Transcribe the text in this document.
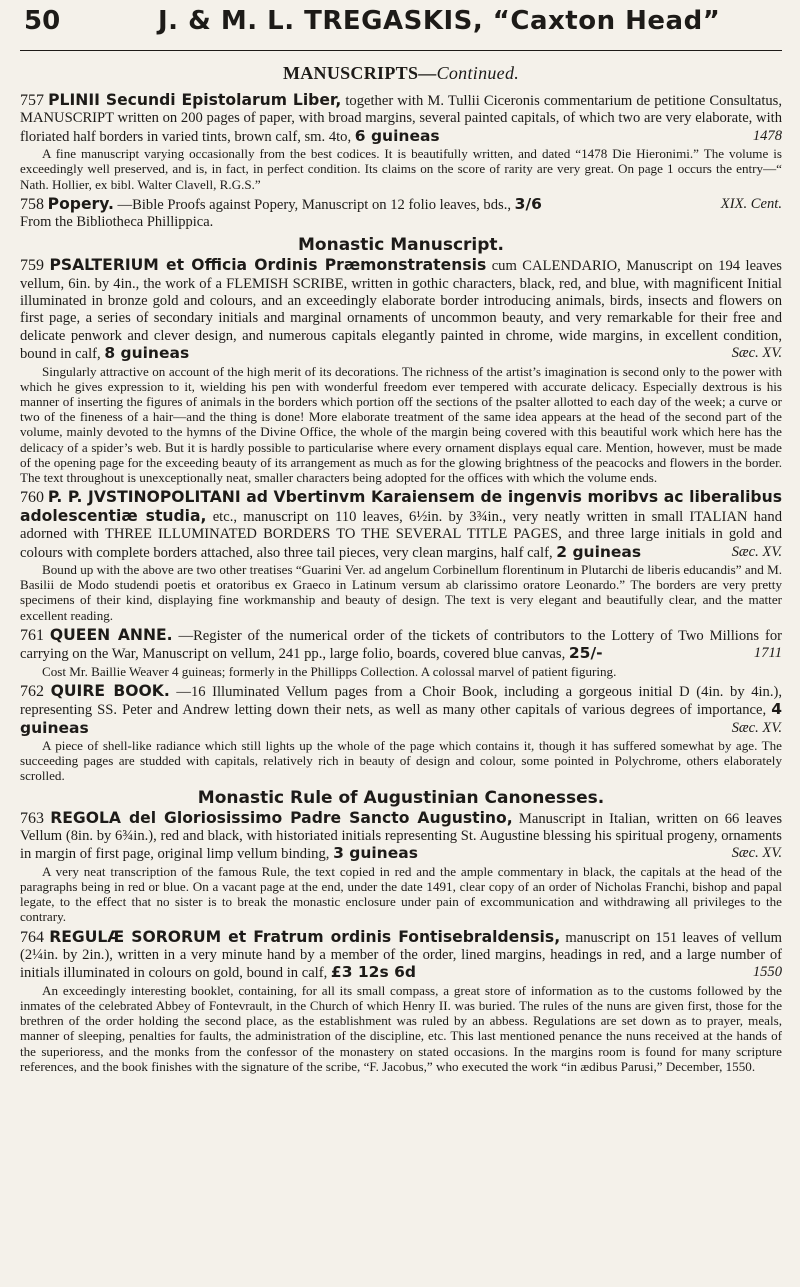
50	J. & M. L. TREGASKIS, “Caxton Head”
MANUSCRIPTS—Continued.

757 PLINII Secundi Epistolarum Liber, together with M. Tullii Ciceronis commentarium de petitione Consultatus, MANUSCRIPT written on 200 pages of paper, with broad margins, several painted capitals, of which two are very elaborate, with floriated half borders in varied tints, brown calf, sm. 4to, 6 guineas	1478

A fine manuscript varying occasionally from the best codices. It is beautifully written, and dated “1478 Die Hieronimi.” The volume is exceedingly well preserved, and is, in fact, in perfect condition. Its claims on the score of rarity are very great. On page 1 occurs the entry—“ Nath. Hollier, ex bibl. Walter Clavell, R.G.S.”

758 Popery. —Bible Proofs against Popery, Manuscript on 12 folio leaves, bds., 3/6	XIX. Cent.

From the Bibliotheca Phillippica.

Monastic Manuscript.

759 PSALTERIUM et Officia Ordinis Præmonstratensis cum CALENDARIO, Manuscript on 194 leaves vellum, 6in. by 4in., the work of a FLEMISH SCRIBE, written in gothic characters, black, red, and blue, with magnificent Initial illuminated in bronze gold and colours, and an exceedingly elaborate border introducing animals, birds, insects and flowers on first page, a series of secondary initials and marginal ornaments of uncommon beauty, and very remarkable for their free and delicate penwork and clever design, and numerous capitals elegantly painted in chrome, wide margins, in excellent condition, bound in calf, 8 guineas	Sæc. XV.

Singularly attractive on account of the high merit of its decorations. The richness of the artist’s imagination is second only to the power with which he gives expression to it, wielding his pen with wonderful freedom ever tempered with accurate delicacy. Especially dextrous is his manner of inserting the figures of animals in the borders which portion off the sections of the psalter allotted to each day of the week; a curve or two of the fineness of a hair—and the thing is done! More elaborate treatment of the same idea appears at the head of the second part of the volume, mainly devoted to the hymns of the Divine Office, the whole of the margin being covered with this beautiful work which here has the delicacy of a spider’s web. But it is hardly possible to particularise where every ornament displays equal care. Mention, however, must be made of the opening page for the exceeding beauty of its arrangement as much as for the glowing brightness of the peacocks and flowers in the border. The text throughout is unexceptionally neat, smaller characters being adopted for the offices with which the volume ends.

760 P. P. JVSTINOPOLITANI ad Vbertinvm Karaiensem de ingenvis moribvs ac liberalibus adolescentiæ studia, etc., manuscript on 110 leaves, 6½in. by 3¾in., very neatly written in small ITALIAN hand adorned with THREE ILLUMINATED BORDERS TO THE SEVERAL TITLE PAGES, and three large initials in gold and colours with complete borders attached, also three tail pieces, very clean margins, half calf, 2 guineas	Sæc. XV.

Bound up with the above are two other treatises “Guarini Ver. ad angelum Corbinellum florentinum in Plutarchi de liberis educandis” and M. Basilii de Modo studendi poetis et oratoribus ex Graeco in Latinum versum ab clarissimo oratore Leonardo.” The borders are very pretty specimens of their kind, displaying fine workmanship and beauty of design. The text is very elegant and beautifully clear, and the matter excellent reading.

761 QUEEN ANNE. —Register of the numerical order of the tickets of contributors to the Lottery of Two Millions for carrying on the War, Manuscript on vellum, 241 pp., large folio, boards, covered blue canvas, 25/-	1711

Cost Mr. Baillie Weaver 4 guineas; formerly in the Phillipps Collection. A colossal marvel of patient figuring.

762 QUIRE BOOK. —16 Illuminated Vellum pages from a Choir Book, including a gorgeous initial D (4in. by 4in.), representing SS. Peter and Andrew letting down their nets, as well as many other capitals of various degrees of importance, 4 guineas	Sæc. XV.

A piece of shell-like radiance which still lights up the whole of the page which contains it, though it has suffered somewhat by age. The succeeding pages are studded with capitals, relatively rich in beauty of design and colour, some pointed in Polychrome, others elaborately scrolled.

Monastic Rule of Augustinian Canonesses.

763 REGOLA del Gloriosissimo Padre Sancto Augustino, Manuscript in Italian, written on 66 leaves Vellum (8in. by 6¾in.), red and black, with historiated initials representing St. Augustine blessing his spiritual progeny, ornaments in margin of first page, original limp vellum binding, 3 guineas	Sæc. XV.

A very neat transcription of the famous Rule, the text copied in red and the ample commentary in black, the capitals at the head of the paragraphs being in red or blue. On a vacant page at the end, under the date 1491, clear copy of an order of Nicholas Franchi, bishop and papal legate, to the effect that no sister is to break the monastic enclosure under pain of excommunication and withdrawing all privileges to the contrary.

764 REGULÆ SORORUM et Fratrum ordinis Fontisebraldensis, manuscript on 151 leaves of vellum (2¼in. by 2in.), written in a very minute hand by a member of the order, lined margins, headings in red, and a large number of initials illuminated in colours on gold, bound in calf, £3 12s 6d	1550

An exceedingly interesting booklet, containing, for all its small compass, a great store of information as to the customs followed by the inmates of the celebrated Abbey of Fontevrault, in the Church of which Henry II. was buried. The rules of the nuns are given first, those for the brethren of the order holding the second place, as the establishment was ruled by an abbess. Regulations are set down as to prayer, meals, manner of sleeping, penalties for faults, the administration of the discipline, etc. This last mentioned penance the nuns received at the hands of the superioress, and the monks from the confessor of the monastery on stated occasions. In the margins room is found for many scripture references, and the book finishes with the signature of the scribe, “F. Jacobus,” who executed the work “in ædibus Parusi,” December, 1550.
